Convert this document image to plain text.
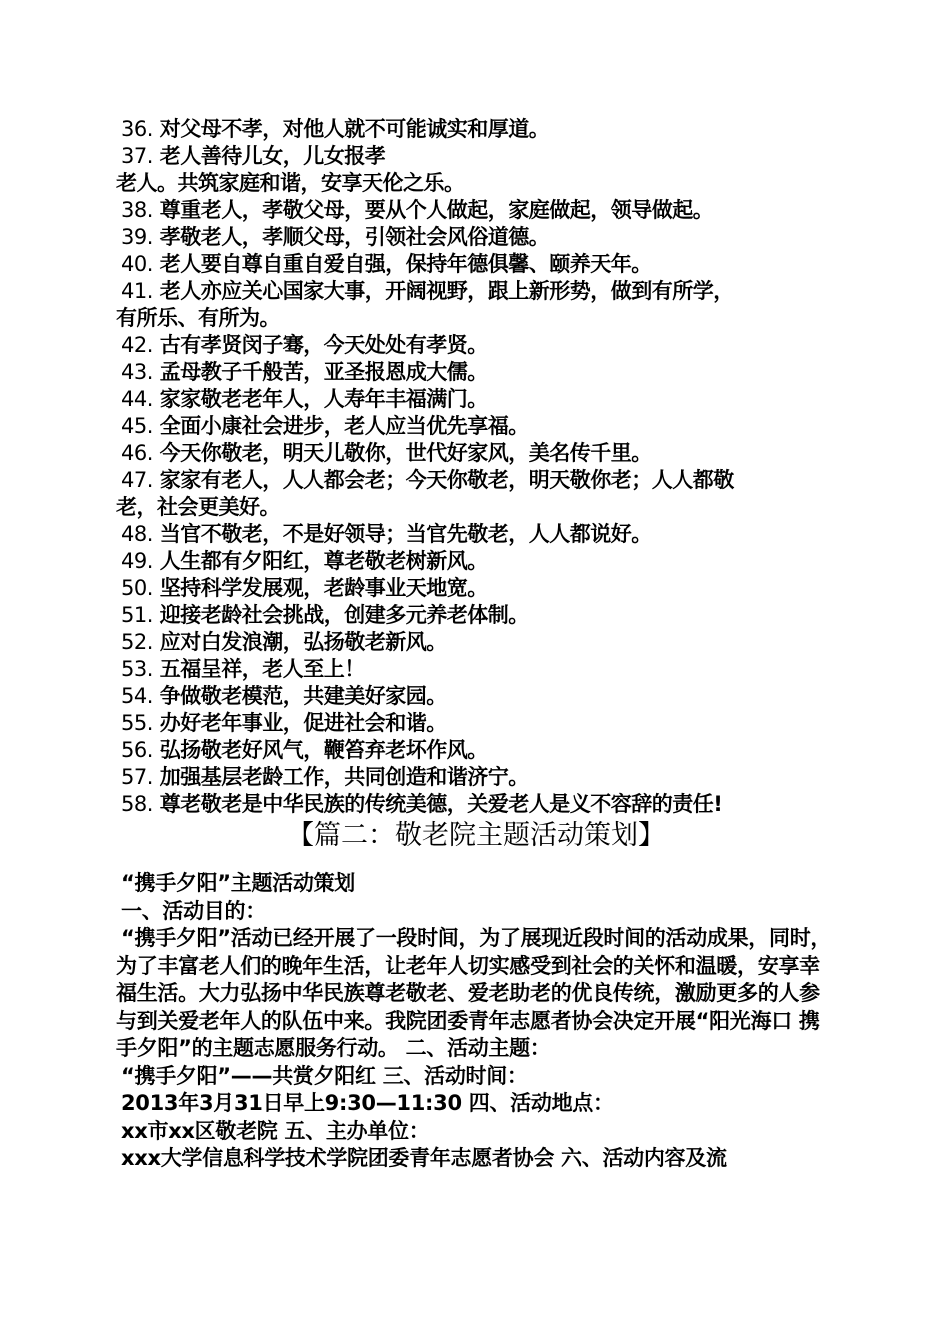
36. 对父母不孝，对他人就不可能诚实和厚道。
37. 老人善待儿女，儿女报孝
老人。共筑家庭和谐，安享天伦之乐。
38. 尊重老人，孝敬父母，要从个人做起，家庭做起，领导做起。
39. 孝敬老人，孝顺父母，引领社会风俗道德。
40. 老人要自尊自重自爱自强，保持年德俱馨、颐养天年。
41. 老人亦应关心国家大事，开阔视野，跟上新形势，做到有所学，
有所乐、有所为。
42. 古有孝贤闵子骞，今天处处有孝贤。
43. 孟母教子千般苦，亚圣报恩成大儒。
44. 家家敬老老年人，人寿年丰福满门。
45. 全面小康社会进步，老人应当优先享福。
46. 今天你敬老，明天儿敬你，世代好家风，美名传千里。
47. 家家有老人，人人都会老；今天你敬老，明天敬你老；人人都敬
老，社会更美好。
48. 当官不敬老，不是好领导；当官先敬老，人人都说好。
49. 人生都有夕阳红，尊老敬老树新风。
50. 坚持科学发展观，老龄事业天地宽。
51. 迎接老龄社会挑战，创建多元养老体制。
52. 应对白发浪潮，弘扬敬老新风。
53. 五福呈祥，老人至上！
54. 争做敬老模范，共建美好家园。
55. 办好老年事业，促进社会和谐。
56. 弘扬敬老好风气，鞭笞弃老坏作风。
57. 加强基层老龄工作，共同创造和谐济宁。
58. 尊老敬老是中华民族的传统美德，关爱老人是义不容辞的责任!
【篇二：敬老院主题活动策划】
“携手夕阳”主题活动策划
一、活动目的：
“携手夕阳”活动已经开展了一段时间，为了展现近段时间的活动成果，同时，为了丰富老人们的晚年生活，让老年人切实感受到社会的关怀和温暖，安享幸福生活。大力弘扬中华民族尊老敬老、爱老助老的优良传统，激励更多的人参与到关爱老年人的队伍中来。我院团委青年志愿者协会决定开展“阳光海口 携手夕阳”的主题志愿服务行动。 二、活动主题：
“携手夕阳”——共赏夕阳红 三、活动时间：
2013年3月31日早上9:30—11:30 四、活动地点：
xx市xx区敬老院 五、主办单位：
xxx大学信息科学技术学院团委青年志愿者协会 六、活动内容及流
